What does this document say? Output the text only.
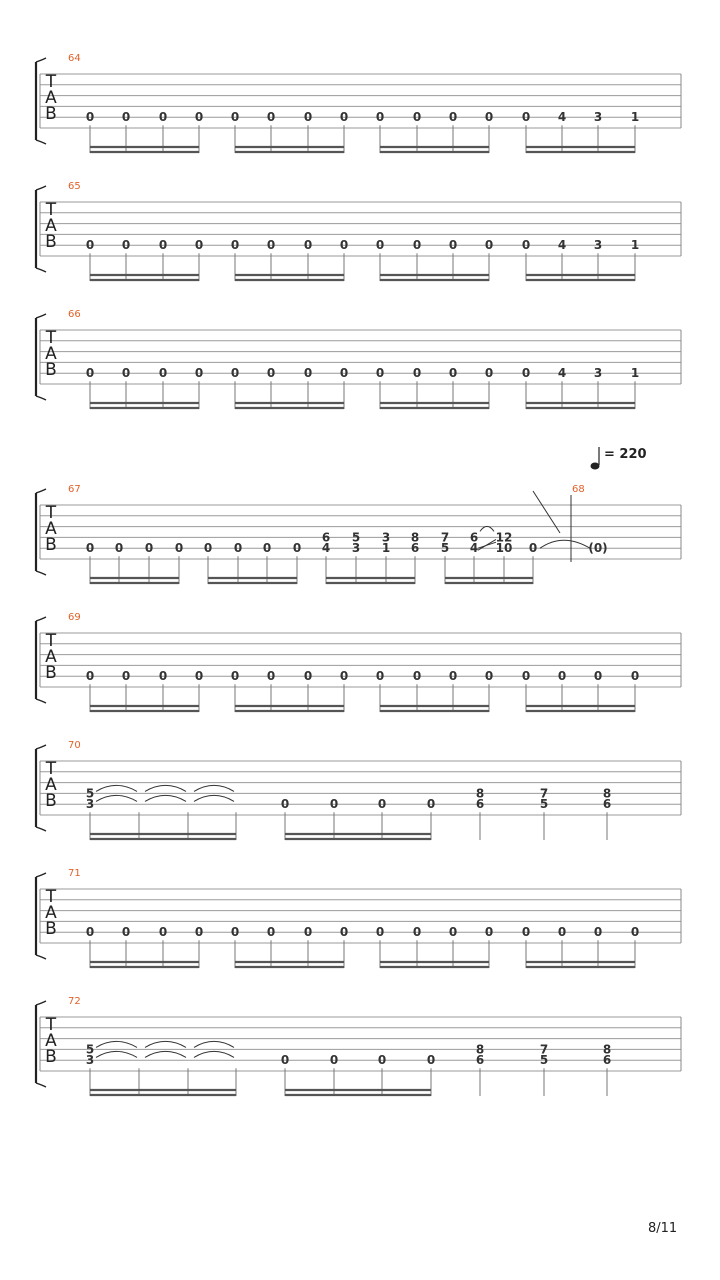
T
A
B
64
0 0 0 0 0 0 0 0 0 0 0 0 0 4 3 1
T
A
B
65
0 0 0 0 0 0 0 0 0 0 0 0 0 4 3 1
T
A
B
66
0 0 0 0 0 0 0 0 0 0 0 0 0 4 3 1
T
A
B
67
0 0 0 0 0 0 0 0 4 3 1 6 5 4 10 0
6 5 3 8 7 6 12
68
(0)
= 220
T
A
B
69
0 0 0 0 0 0 0 0 0 0 0 0 0 0 0 0
T
A
B
70
5
3	0	0	0	0
8
6
7
5
8
6
T
A
B
71
0 0 0 0 0 0 0 0 0 0 0 0 0 0 0 0
T
A
B
72
5
3	0	0	0	0
8
6
7
5
8
6
8/11
